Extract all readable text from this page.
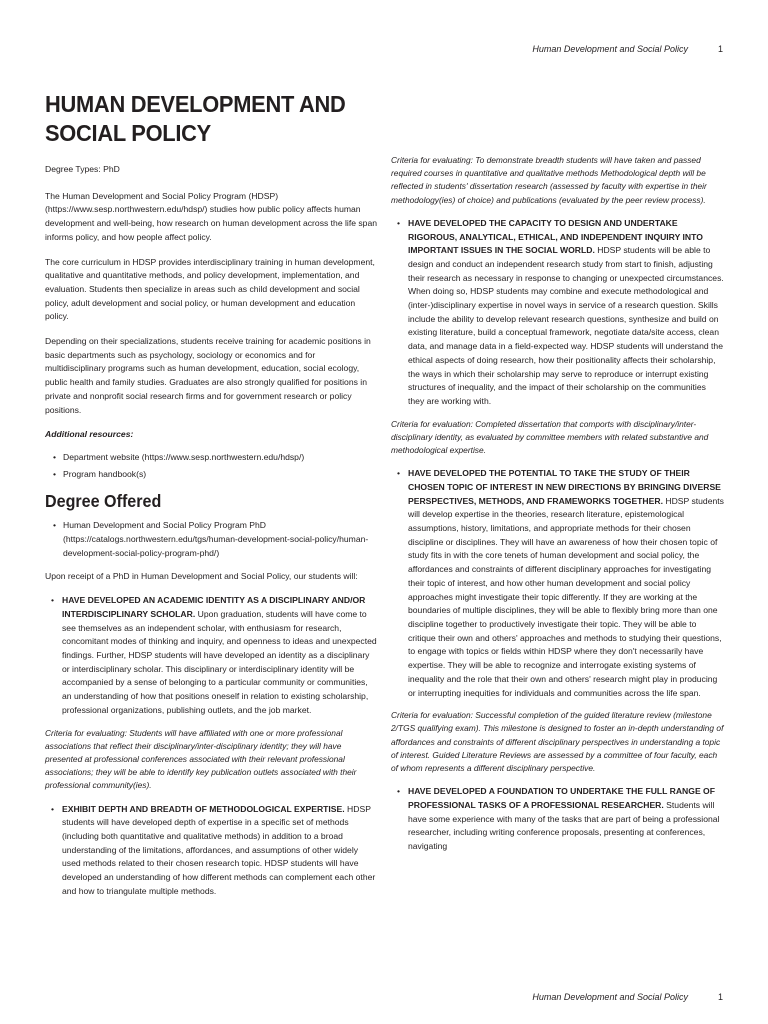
Human Development and Social Policy	1
HUMAN DEVELOPMENT AND SOCIAL POLICY

Degree Types: PhD

The Human Development and Social Policy Program (HDSP) (https://www.sesp.northwestern.edu/hdsp/) studies how public policy affects human development and well-being, how research on human development across the life span informs policy, and how people affect policy.

The core curriculum in HDSP provides interdisciplinary training in human development, qualitative and quantitative methods, and policy development, implementation, and evaluation. Students then specialize in areas such as child development and social policy, adult development and social policy, or human development and education policy.

Depending on their specializations, students receive training for academic positions in basic departments such as psychology, sociology or economics and for multidisciplinary programs such as human development, education, social ecology, public health and family studies. Graduates are also strongly qualified for positions in private and nonprofit social research firms and for government research or policy positions.

Additional resources:

• Department website (https://www.sesp.northwestern.edu/hdsp/)
• Program handbook(s)
Degree Offered
• Human Development and Social Policy Program PhD (https://catalogs.northwestern.edu/tgs/human-development-social-policy/human-development-social-policy-program-phd/)

Upon receipt of a PhD in Human Development and Social Policy, our students will:

• HAVE DEVELOPED AN ACADEMIC IDENTITY AS A DISCIPLINARY AND/OR INTERDISCIPLINARY SCHOLAR. Upon graduation, students will have come to see themselves as an independent scholar, with enthusiasm for research, concomitant modes of thinking and inquiry, and openness to ideas and unexpected findings. Further, HDSP students will have developed an identity as a disciplinary or interdisciplinary scholar. This disciplinary or interdisciplinary identity will be accompanied by a sense of belonging to a particular community or communities, an understanding of how that positions oneself in relation to existing scholarship, professional organizations, publishing outlets, and the job market.

Criteria for evaluating: Students will have affiliated with one or more professional associations that reflect their disciplinary/inter-disciplinary identity; they will have presented at professional conferences associated with their relevant professional associations; they will be able to identify key publication outlets associated with their professional community(ies).

• EXHIBIT DEPTH AND BREADTH OF METHODOLOGICAL EXPERTISE. HDSP students will have developed depth of expertise in a specific set of methods (including both quantitative and qualitative methods) in addition to a broad understanding of the limitations, affordances, and assumptions of other widely used methods related to their chosen research topic. HDSP students will have developed an understanding of how different methods can complement each other and how to triangulate multiple methods.

Criteria for evaluating: To demonstrate breadth students will have taken and passed required courses in quantitative and qualitative methods Methodological depth will be reflected in students' dissertation research (assessed by faculty with expertise in their methodology(ies) of choice) and publications (evaluated by the peer review process).

• HAVE DEVELOPED THE CAPACITY TO DESIGN AND UNDERTAKE RIGOROUS, ANALYTICAL, ETHICAL, AND INDEPENDENT INQUIRY INTO IMPORTANT ISSUES IN THE SOCIAL WORLD. HDSP students will be able to design and conduct an independent research study from start to finish, adjusting their research as necessary in response to changing or unexpected circumstances. When doing so, HDSP students may combine and execute methodological and (inter-)disciplinary expertise in novel ways in service of a research question. Skills include the ability to develop relevant research questions, synthesize and build on existing literature, build a conceptual framework, negotiate data/site access, clean data, and manage data in a field-expected way. HDSP students will understand the ethical aspects of doing research, how their positionality affects their scholarship, the ways in which their scholarship may serve to reproduce or interrupt existing structures of inequality, and the impact of their scholarship on the communities they are working with.

Criteria for evaluation: Completed dissertation that comports with disciplinary/inter-disciplinary identity, as evaluated by committee members with related substantive and methodological expertise.

• HAVE DEVELOPED THE POTENTIAL TO TAKE THE STUDY OF THEIR CHOSEN TOPIC OF INTEREST IN NEW DIRECTIONS BY BRINGING DIVERSE PERSPECTIVES, METHODS, AND FRAMEWORKS TOGETHER. HDSP students will develop expertise in the theories, research literature, epistemological assumptions, history, limitations, and appropriate methods for their chosen discipline or disciplines. They will have an awareness of how their chosen topic of study fits in with the core tenets of human development and social policy, the affordances and constraints of different disciplinary approaches for investigating their topic of interest, and how other human development and social policy approaches might investigate their topic differently. If they are working at the boundaries of multiple disciplines, they will be able to flexibly bring more than one discipline together to productively investigate their topic. They will be able to critique their own and others' approaches and methods to studying their questions, to engage with topics or fields within HDSP where they don't necessarily have expertise. They will be able to recognize and interrogate existing systems of inequality and the role that their own and others' research might play in producing or interrupting inequities for individuals and communities across the life span.

Criteria for evaluation: Successful completion of the guided literature review (milestone 2/TGS qualifying exam). This milestone is designed to foster an in-depth understanding of affordances and constraints of different disciplinary perspectives in understanding a topic of interest. Guided Literature Reviews are assessed by a committee of four faculty, each of whom represents a different disciplinary perspective.

• HAVE DEVELOPED A FOUNDATION TO UNDERTAKE THE FULL RANGE OF PROFESSIONAL TASKS OF A PROFESSIONAL RESEARCHER. Students will have some experience with many of the tasks that are part of being a professional researcher, including writing conference proposals, presenting at conferences, navigating
Human Development and Social Policy	1
